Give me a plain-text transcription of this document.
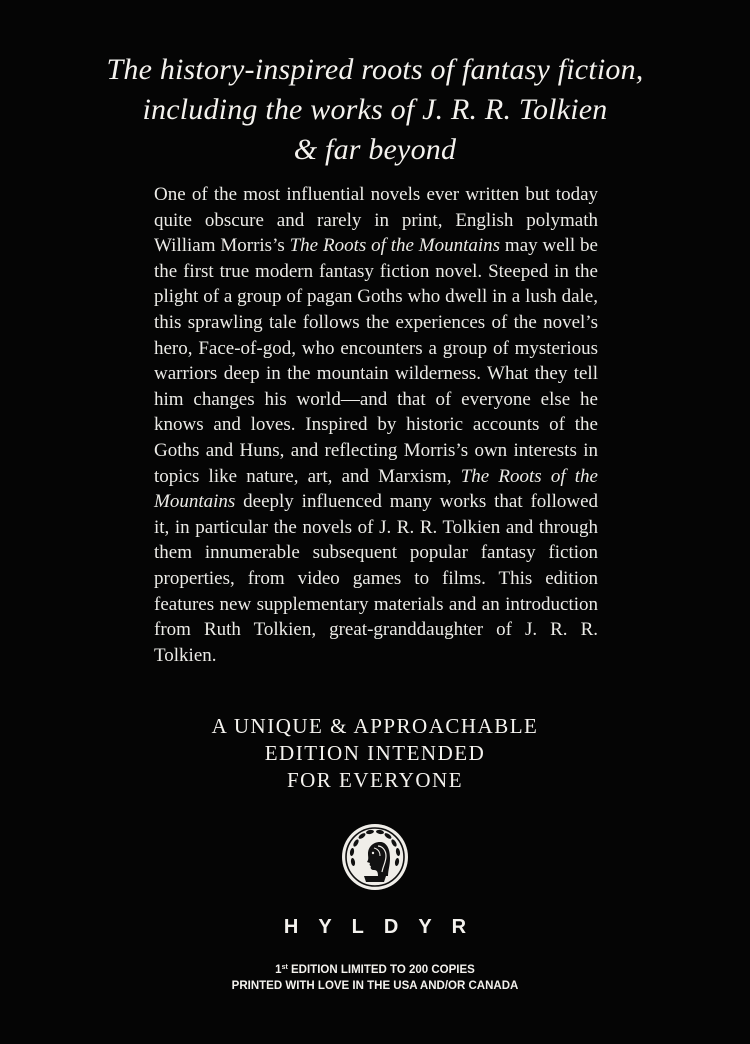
The history-inspired roots of fantasy fiction,
including the works of J. R. R. Tolkien
& far beyond
One of the most influential novels ever written but today quite obscure and rarely in print, English polymath William Morris’s The Roots of the Mountains may well be the first true modern fantasy fiction novel. Steeped in the plight of a group of pagan Goths who dwell in a lush dale, this sprawling tale follows the experiences of the novel’s hero, Face-of-god, who encounters a group of mysterious warriors deep in the mountain wilderness. What they tell him changes his world—and that of everyone else he knows and loves. Inspired by historic accounts of the Goths and Huns, and reflecting Morris’s own interests in topics like nature, art, and Marxism, The Roots of the Mountains deeply influenced many works that followed it, in particular the novels of J. R. R. Tolkien and through them innumerable subsequent popular fantasy fiction properties, from video games to films. This edition features new supplementary materials and an introduction from Ruth Tolkien, great-granddaughter of J. R. R. Tolkien.
A UNIQUE & APPROACHABLE
EDITION INTENDED
FOR EVERYONE
HYLDYR
1st EDITION LIMITED TO 200 COPIES
PRINTED WITH LOVE IN THE USA AND/OR CANADA
